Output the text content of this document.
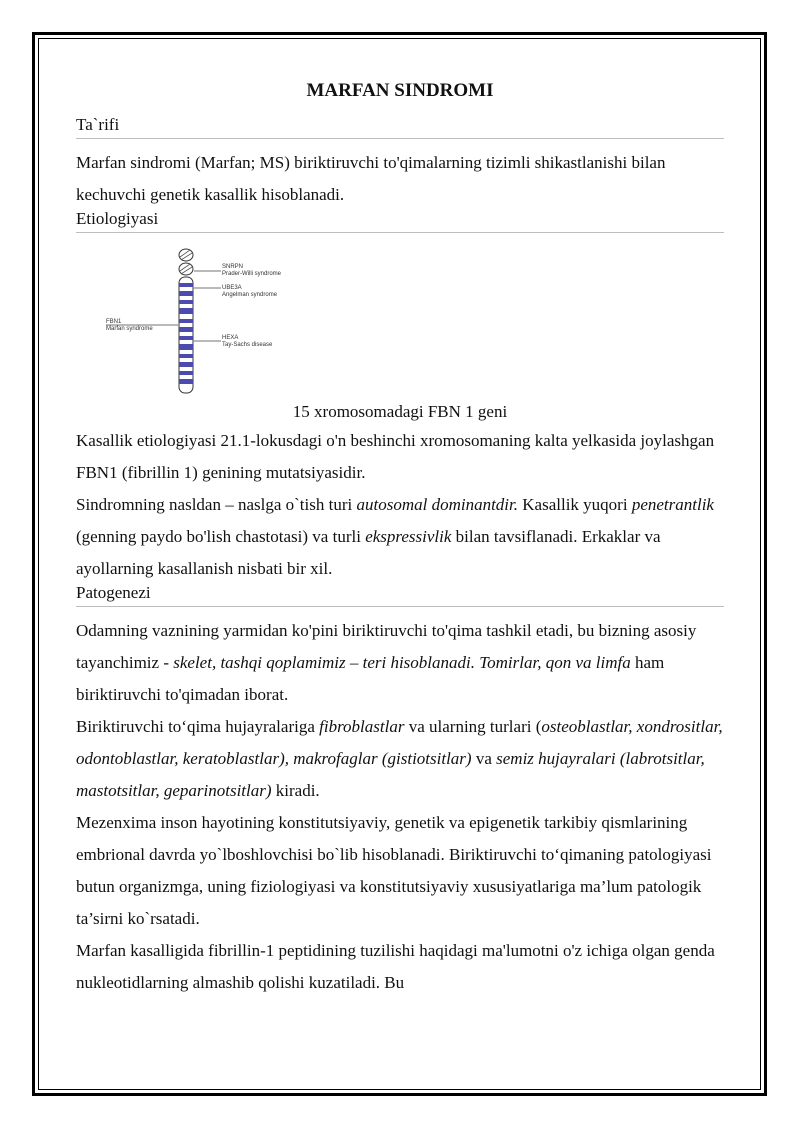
MARFAN SINDROMI
Ta`rifi

Marfan sindromi (Marfan; MS) biriktiruvchi to'qimalarning tizimli shikastlanishi bilan kechuvchi genetik kasallik hisoblanadi.

Etiologiyasi
SNRPN
Prader-Willi syndrome
UBE3A
Angelman syndrome
HEXA
Tay-Sachs disease
FBN1
Marfan syndrome
15 xromosomadagi FBN 1 geni

Kasallik etiologiyasi 21.1-lokusdagi o'n beshinchi xromosomaning kalta yelkasida joylashgan FBN1 (fibrillin 1) genining mutatsiyasidir.

Sindromning nasldan – naslga o`tish turi autosomal dominantdir. Kasallik yuqori penetrantlik (genning paydo bo'lish chastotasi) va turli ekspressivlik bilan tavsiflanadi. Erkaklar va ayollarning kasallanish nisbati bir xil.

Patogenezi

Odamning vaznining yarmidan ko'pini biriktiruvchi to'qima tashkil etadi, bu bizning asosiy tayanchimiz - skelet, tashqi qoplamimiz – teri hisoblanadi. Tomirlar, qon va limfa ham biriktiruvchi to'qimadan iborat.

Biriktiruvchi to‘qima hujayralariga fibroblastlar va ularning turlari (osteoblastlar, xondrositlar, odontoblastlar, keratoblastlar), makrofaglar (gistiotsitlar) va semiz hujayralari (labrotsitlar, mastotsitlar, geparinotsitlar) kiradi.

Mezenxima inson hayotining konstitutsiyaviy, genetik va epigenetik tarkibiy qismlarining embrional davrda yo`lboshlovchisi bo`lib hisoblanadi. Biriktiruvchi to‘qimaning patologiyasi butun organizmga, uning fiziologiyasi va konstitutsiyaviy xususiyatlariga ma’lum patologik ta’sirni ko`rsatadi.

Marfan kasalligida fibrillin-1 peptidining tuzilishi haqidagi ma'lumotni o'z ichiga olgan genda nukleotidlarning almashib qolishi kuzatiladi. Bu
